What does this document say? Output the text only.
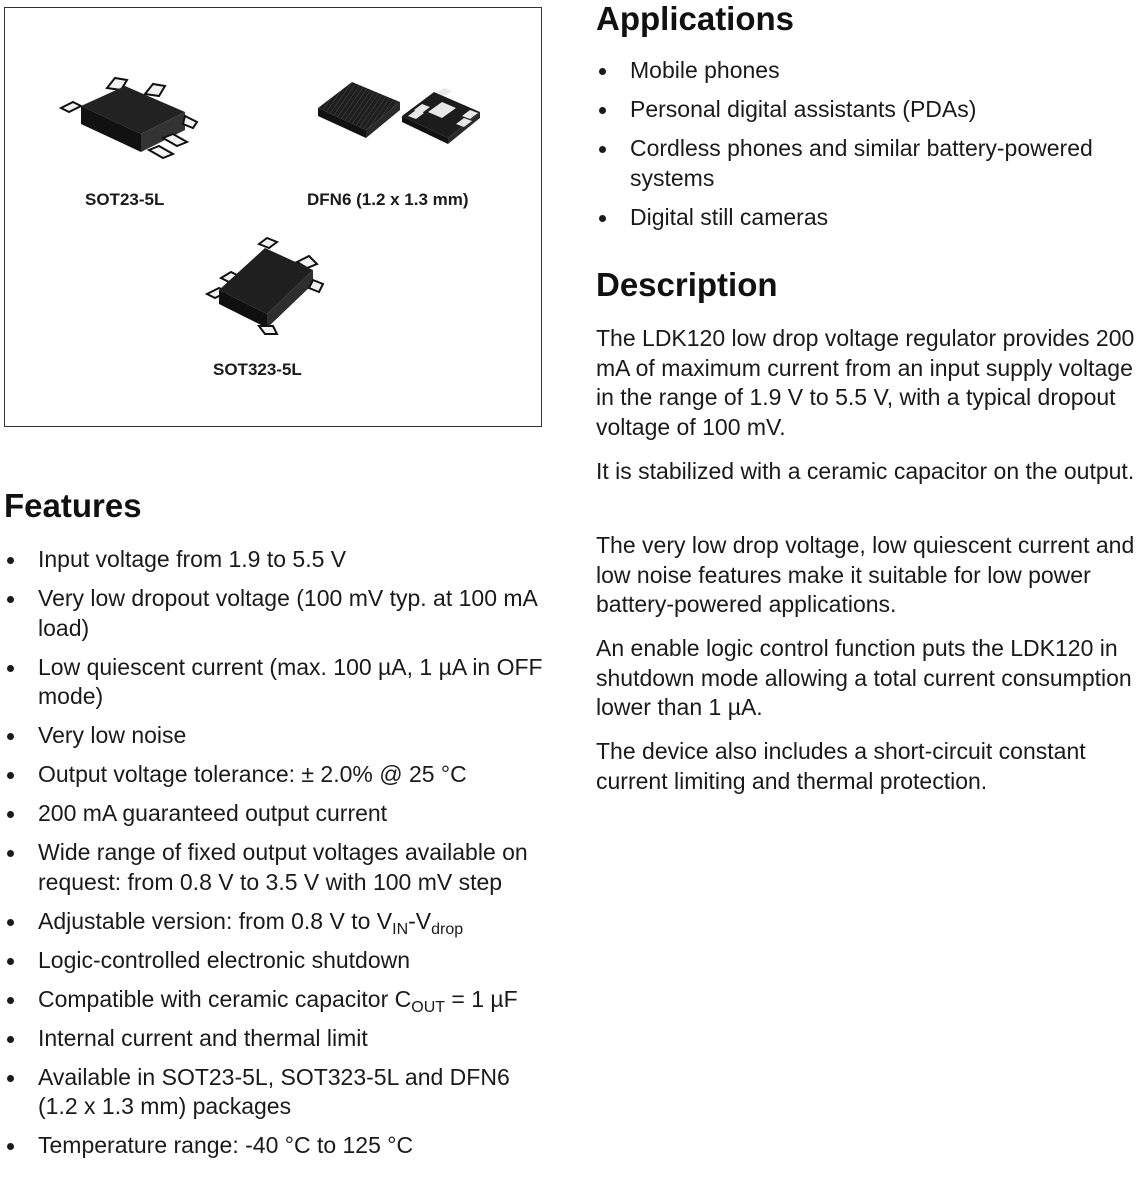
SOT23-5L	DFN6 (1.2 x 1.3 mm)
SOT323-5L
Features
Input voltage from 1.9 to 5.5 V
Very low dropout voltage (100 mV typ. at 100 mA load)
Low quiescent current (max. 100 µA, 1 µA in OFF mode)
Very low noise
Output voltage tolerance: ± 2.0% @ 25 °C
200 mA guaranteed output current
Wide range of fixed output voltages available on request: from 0.8 V to 3.5 V with 100 mV step
Adjustable version: from 0.8 V to $V_{IN}-V_{drop}$
Logic-controlled electronic shutdown
Compatible with ceramic capacitor $C_{OUT} = 1$ µF
Internal current and thermal limit
Available in SOT23-5L, SOT323-5L and DFN6 (1.2 x 1.3 mm) packages
Temperature range: -40 °C to 125 °C
Applications
Mobile phones
Personal digital assistants (PDAs)
Cordless phones and similar battery-powered systems
Digital still cameras
Description

The LDK120 low drop voltage regulator provides 200 mA of maximum current from an input supply voltage in the range of 1.9 V to 5.5 V, with a typical dropout voltage of 100 mV.

It is stabilized with a ceramic capacitor on the output.

The very low drop voltage, low quiescent current and low noise features make it suitable for low power battery-powered applications.

An enable logic control function puts the LDK120 in shutdown mode allowing a total current consumption lower than 1 µA.

The device also includes a short-circuit constant current limiting and thermal protection.
